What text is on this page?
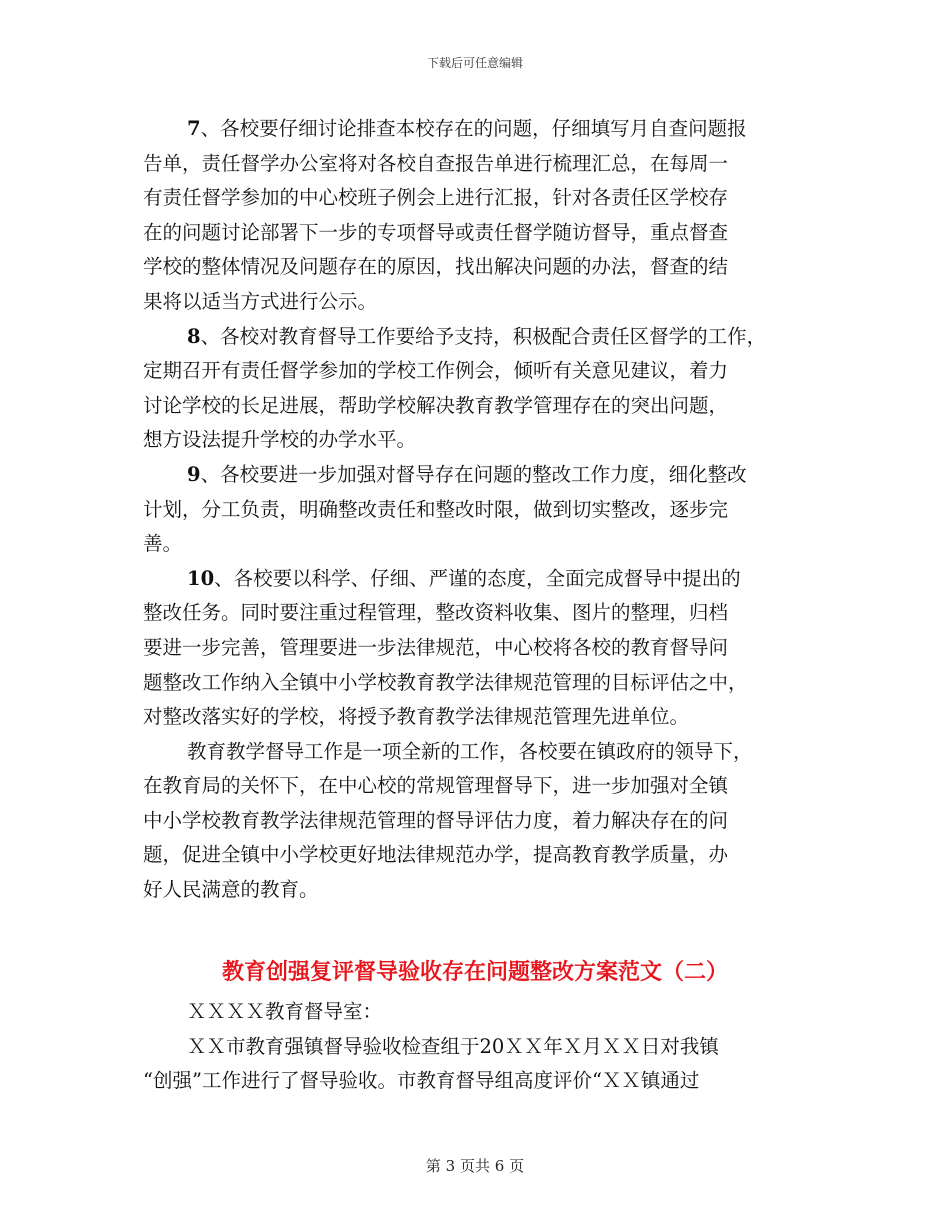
下载后可任意编辑
7、各校要仔细讨论排查本校存在的问题，仔细填写月自查问题报
告单，责任督学办公室将对各校自查报告单进行梳理汇总，在每周一
有责任督学参加的中心校班子例会上进行汇报，针对各责任区学校存
在的问题讨论部署下一步的专项督导或责任督学随访督导，重点督查
学校的整体情况及问题存在的原因，找出解决问题的办法，督查的结
果将以适当方式进行公示。
8、各校对教育督导工作要给予支持，积极配合责任区督学的工作，
定期召开有责任督学参加的学校工作例会，倾听有关意见建议，着力
讨论学校的长足进展，帮助学校解决教育教学管理存在的突出问题，
想方设法提升学校的办学水平。
9、各校要进一步加强对督导存在问题的整改工作力度，细化整改
计划，分工负责，明确整改责任和整改时限，做到切实整改，逐步完
善。
10、各校要以科学、仔细、严谨的态度，全面完成督导中提出的
整改任务。同时要注重过程管理，整改资料收集、图片的整理，归档
要进一步完善，管理要进一步法律规范，中心校将各校的教育督导问
题整改工作纳入全镇中小学校教育教学法律规范管理的目标评估之中，
对整改落实好的学校，将授予教育教学法律规范管理先进单位。
教育教学督导工作是一项全新的工作，各校要在镇政府的领导下，
在教育局的关怀下，在中心校的常规管理督导下，进一步加强对全镇
中小学校教育教学法律规范管理的督导评估力度，着力解决存在的问
题，促进全镇中小学校更好地法律规范办学，提高教育教学质量，办
好人民满意的教育。
教育创强复评督导验收存在问题整改方案范文（二）
ＸＸＸＸ教育督导室：
ＸＸ市教育强镇督导验收检查组于20ＸＸ年Ｘ月ＸＸ日对我镇
“创强”工作进行了督导验收。市教育督导组高度评价“ＸＸ镇通过
第 3 页共 6 页
